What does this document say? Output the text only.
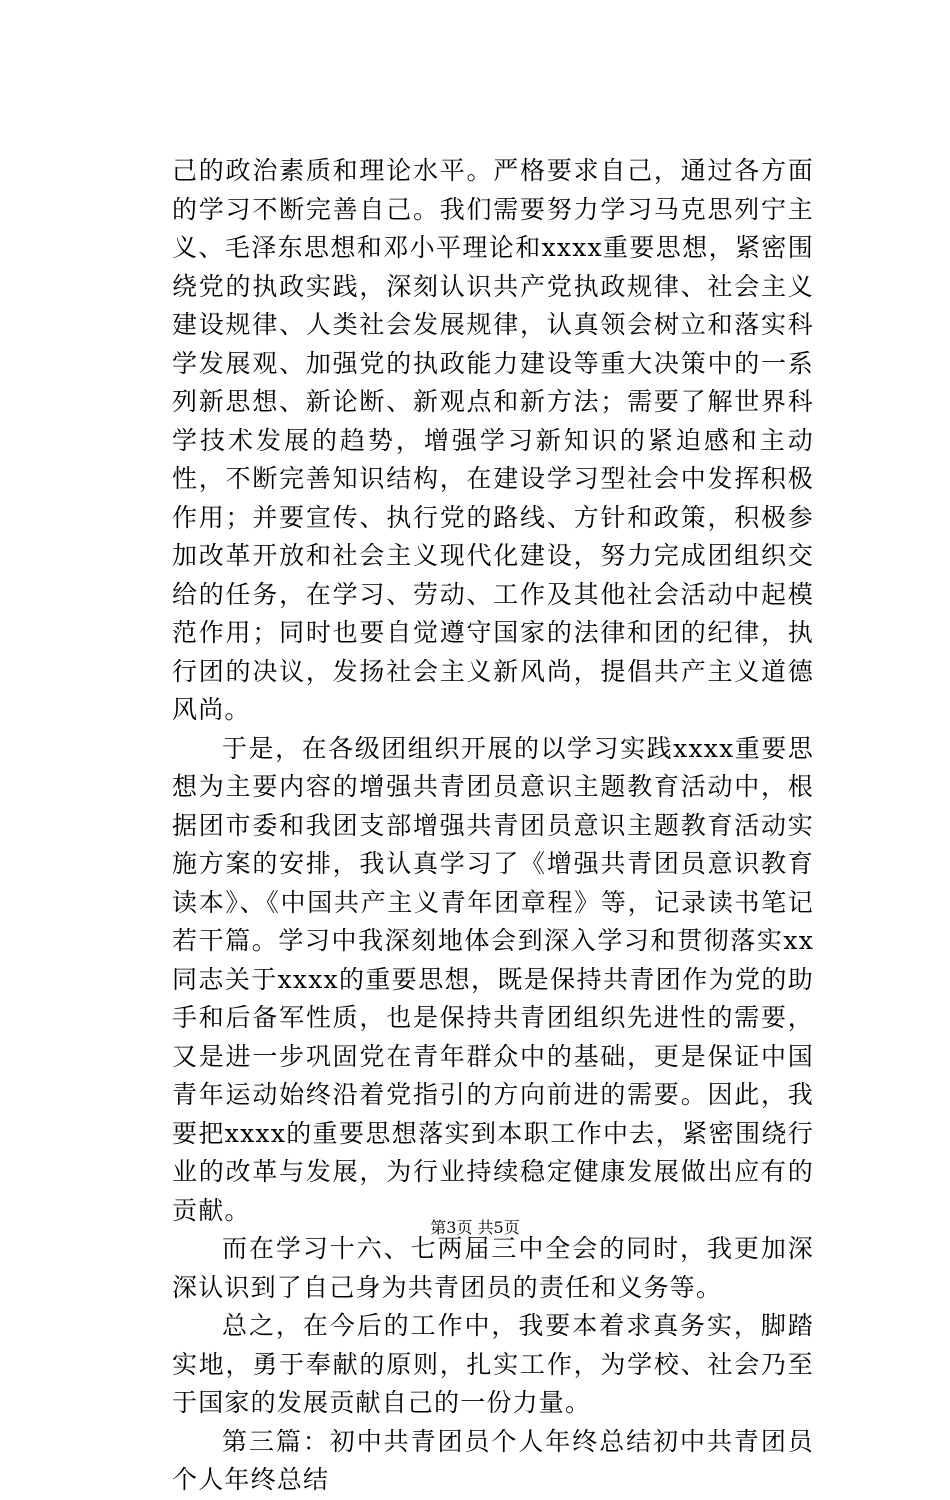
己的政治素质和理论水平。严格要求自己，通过各方面的学习不断完善自己。我们需要努力学习马克思列宁主义、毛泽东思想和邓小平理论和xxxx重要思想，紧密围绕党的执政实践，深刻认识共产党执政规律、社会主义建设规律、人类社会发展规律，认真领会树立和落实科学发展观、加强党的执政能力建设等重大决策中的一系列新思想、新论断、新观点和新方法；需要了解世界科学技术发展的趋势，增强学习新知识的紧迫感和主动性，不断完善知识结构，在建设学习型社会中发挥积极作用；并要宣传、执行党的路线、方针和政策，积极参加改革开放和社会主义现代化建设，努力完成团组织交给的任务，在学习、劳动、工作及其他社会活动中起模范作用；同时也要自觉遵守国家的法律和团的纪律，执行团的决议，发扬社会主义新风尚，提倡共产主义道德风尚。

于是，在各级团组织开展的以学习实践xxxx重要思想为主要内容的增强共青团员意识主题教育活动中，根据团市委和我团支部增强共青团员意识主题教育活动实施方案的安排，我认真学习了《增强共青团员意识教育读本》、《中国共产主义青年团章程》等，记录读书笔记若干篇。学习中我深刻地体会到深入学习和贯彻落实xx同志关于xxxx的重要思想，既是保持共青团作为党的助手和后备军性质，也是保持共青团组织先进性的需要，又是进一步巩固党在青年群众中的基础，更是保证中国青年运动始终沿着党指引的方向前进的需要。因此，我要把xxxx的重要思想落实到本职工作中去，紧密围绕行业的改革与发展，为行业持续稳定健康发展做出应有的贡献。

而在学习十六、七两届三中全会的同时，我更加深深认识到了自己身为共青团员的责任和义务等。

总之，在今后的工作中，我要本着求真务实，脚踏实地，勇于奉献的原则，扎实工作，为学校、社会乃至于国家的发展贡献自己的一份力量。

第三篇：初中共青团员个人年终总结初中共青团员个人年终总结

第3页 共5页
